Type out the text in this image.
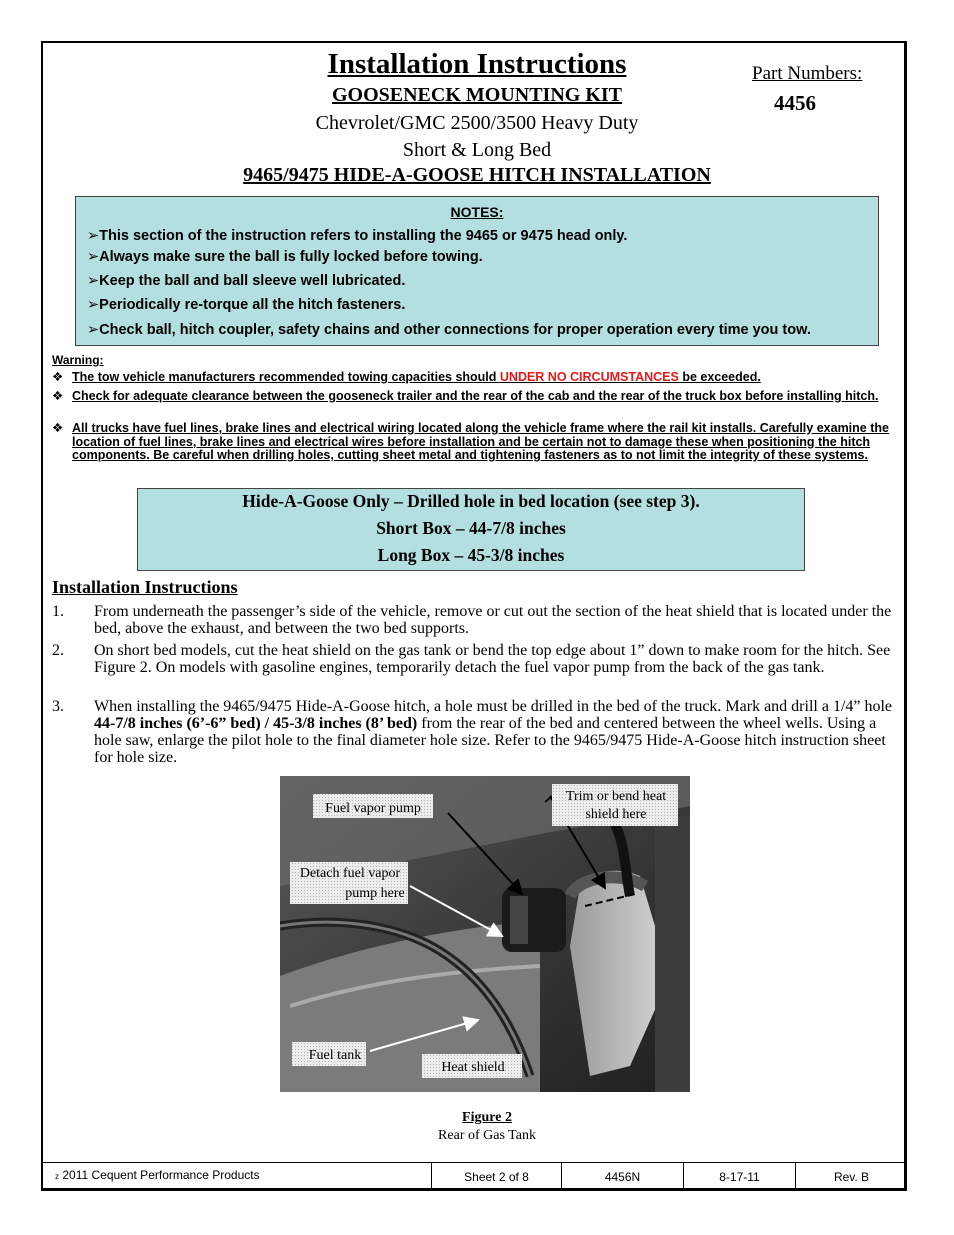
Installation Instructions
GOOSENECK MOUNTING KIT
Chevrolet/GMC 2500/3500 Heavy Duty
Short & Long Bed
9465/9475 HIDE-A-GOOSE HITCH INSTALLATION
Part Numbers:
4456
NOTES:
➢This section of the instruction refers to installing the 9465 or 9475 head only.
➢Always make sure the ball is fully locked before towing.
➢Keep the ball and ball sleeve well lubricated.
➢Periodically re-torque all the hitch fasteners.
➢Check ball, hitch coupler, safety chains and other connections for proper operation every time you tow.
Warning:
❖ The tow vehicle manufacturers recommended towing capacities should UNDER NO CIRCUMSTANCES be exceeded.
❖ Check for adequate clearance between the gooseneck trailer and the rear of the cab and the rear of the truck box before installing hitch.
❖ All trucks have fuel lines, brake lines and electrical wiring located along the vehicle frame where the rail kit installs. Carefully examine the location of fuel lines, brake lines and electrical wires before installation and be certain not to damage these when positioning the hitch components. Be careful when drilling holes, cutting sheet metal and tightening fasteners as to not limit the integrity of these systems.
Hide-A-Goose Only – Drilled hole in bed location (see step 3).
Short Box – 44-7/8 inches
Long Box – 45-3/8 inches
Installation Instructions
1. From underneath the passenger’s side of the vehicle, remove or cut out the section of the heat shield that is located under the bed, above the exhaust, and between the two bed supports.
2. On short bed models, cut the heat shield on the gas tank or bend the top edge about 1” down to make room for the hitch. See Figure 2. On models with gasoline engines, temporarily detach the fuel vapor pump from the back of the gas tank.
3. When installing the 9465/9475 Hide-A-Goose hitch, a hole must be drilled in the bed of the truck. Mark and drill a 1/4” hole 44-7/8 inches (6’-6” bed) / 45-3/8 inches (8’ bed) from the rear of the bed and centered between the wheel wells. Using a hole saw, enlarge the pilot hole to the final diameter hole size. Refer to the 9465/9475 Hide-A-Goose hitch instruction sheet for hole size.
Fuel vapor pump
Trim or bend heat
shield here
Detach fuel vapor
pump here
Fuel tank
Heat shield
Figure 2
Rear of Gas Tank
z 2011 Cequent Performance Products	Sheet 2 of 8	4456N	8-17-11	Rev. B
